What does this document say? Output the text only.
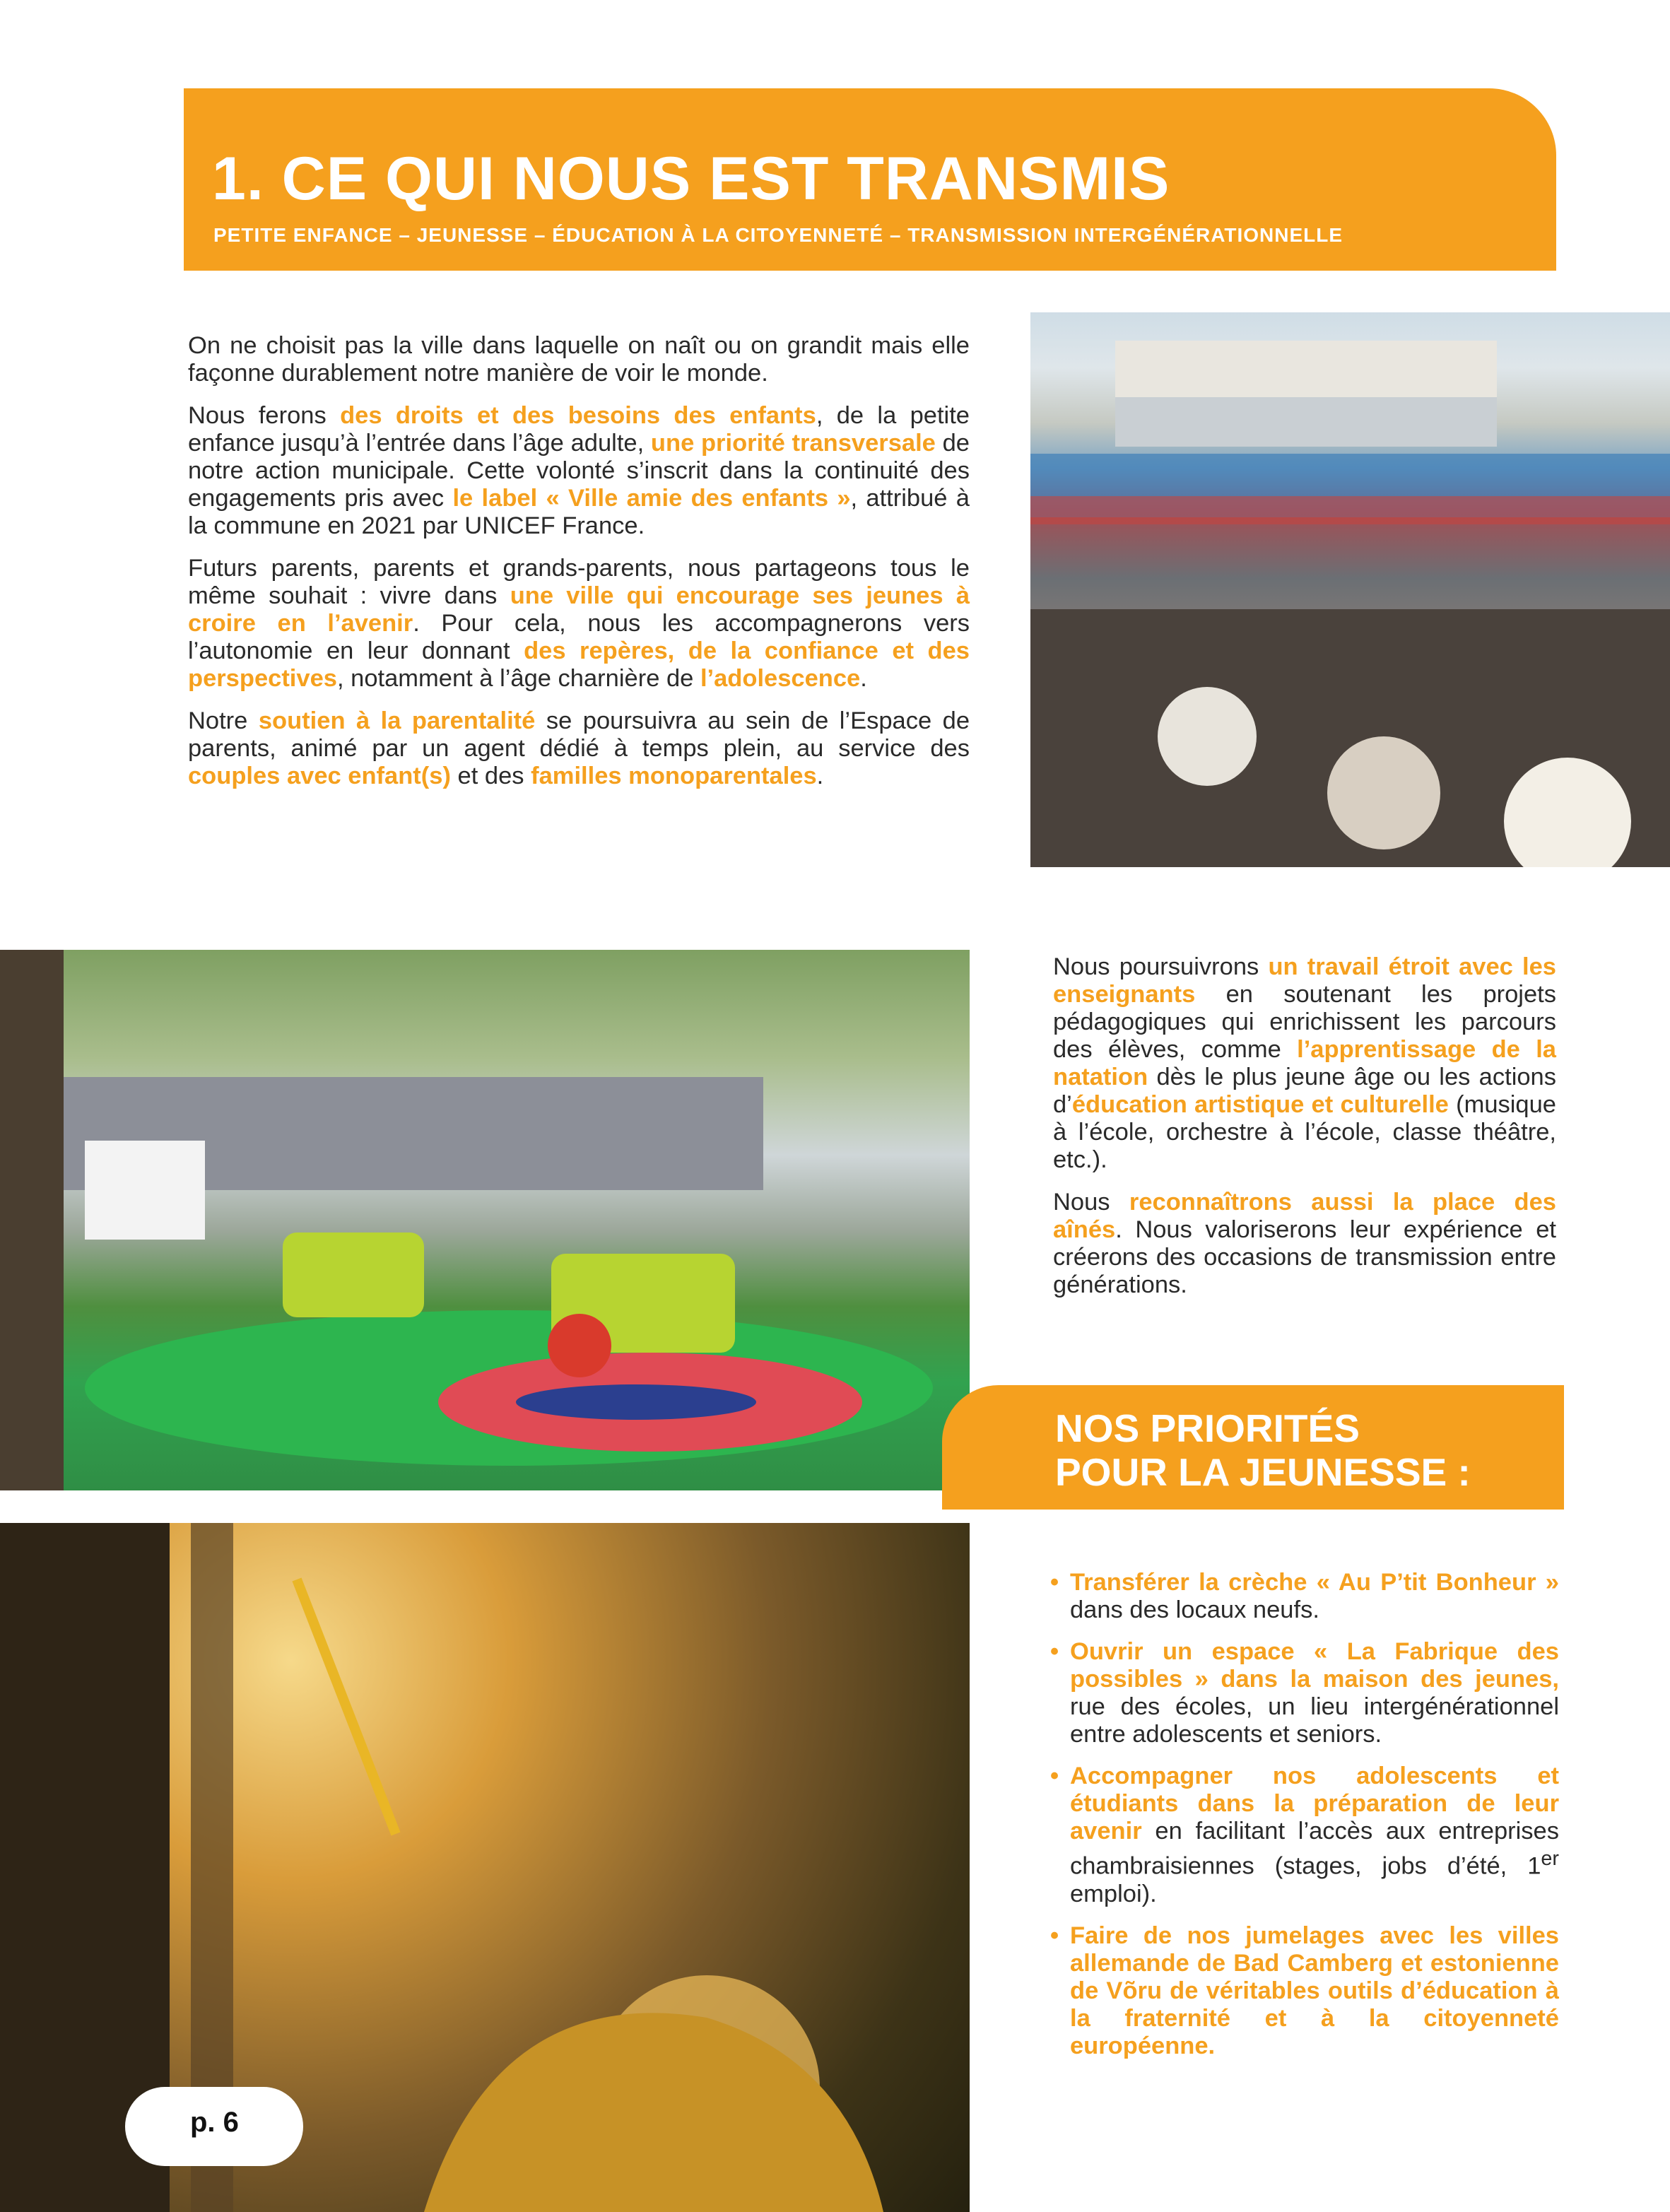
1. CE QUI NOUS EST TRANSMIS
PETITE ENFANCE – JEUNESSE – ÉDUCATION À LA CITOYENNETÉ – TRANSMISSION INTERGÉNÉRATIONNELLE

On ne choisit pas la ville dans laquelle on naît ou on grandit mais elle façonne durablement notre manière de voir le monde.

Nous ferons des droits et des besoins des enfants, de la petite enfance jusqu’à l’entrée dans l’âge adulte, une priorité transversale de notre action municipale. Cette volonté s’inscrit dans la continuité des engagements pris avec le label « Ville amie des enfants », attribué à la commune en 2021 par UNICEF France.

Futurs parents, parents et grands-parents, nous partageons tous le même souhait : vivre dans une ville qui encourage ses jeunes à croire en l’avenir. Pour cela, nous les accompagnerons vers l’autonomie en leur donnant des repères, de la confiance et des perspectives, notamment à l’âge charnière de l’adolescence.

Notre soutien à la parentalité se poursuivra au sein de l’Espace de parents, animé par un agent dédié à temps plein, au service des couples avec enfant(s) et des familles monoparentales.

Nous poursuivrons un travail étroit avec les enseignants en soutenant les projets pédagogiques qui enrichissent les parcours des élèves, comme l’apprentissage de la natation dès le plus jeune âge ou les actions d’éducation artistique et culturelle (musique à l’école, orchestre à l’école, classe théâtre, etc.).

Nous reconnaîtrons aussi la place des aînés. Nous valoriserons leur expérience et créerons des occasions de transmission entre générations.

NOS PRIORITÉS
POUR LA JEUNESSE :
• Transférer la crèche « Au P’tit Bonheur » dans des locaux neufs.
• Ouvrir un espace « La Fabrique des possibles » dans la maison des jeunes, rue des écoles, un lieu intergénérationnel entre adolescents et seniors.
• Accompagner nos adolescents et étudiants dans la préparation de leur avenir en facilitant l’accès aux entreprises chambraisiennes (stages, jobs d’été, 1er emploi).
• Faire de nos jumelages avec les villes allemande de Bad Camberg et estonienne de Võru de véritables outils d’éducation à la fraternité et à la citoyenneté européenne.
p. 6
